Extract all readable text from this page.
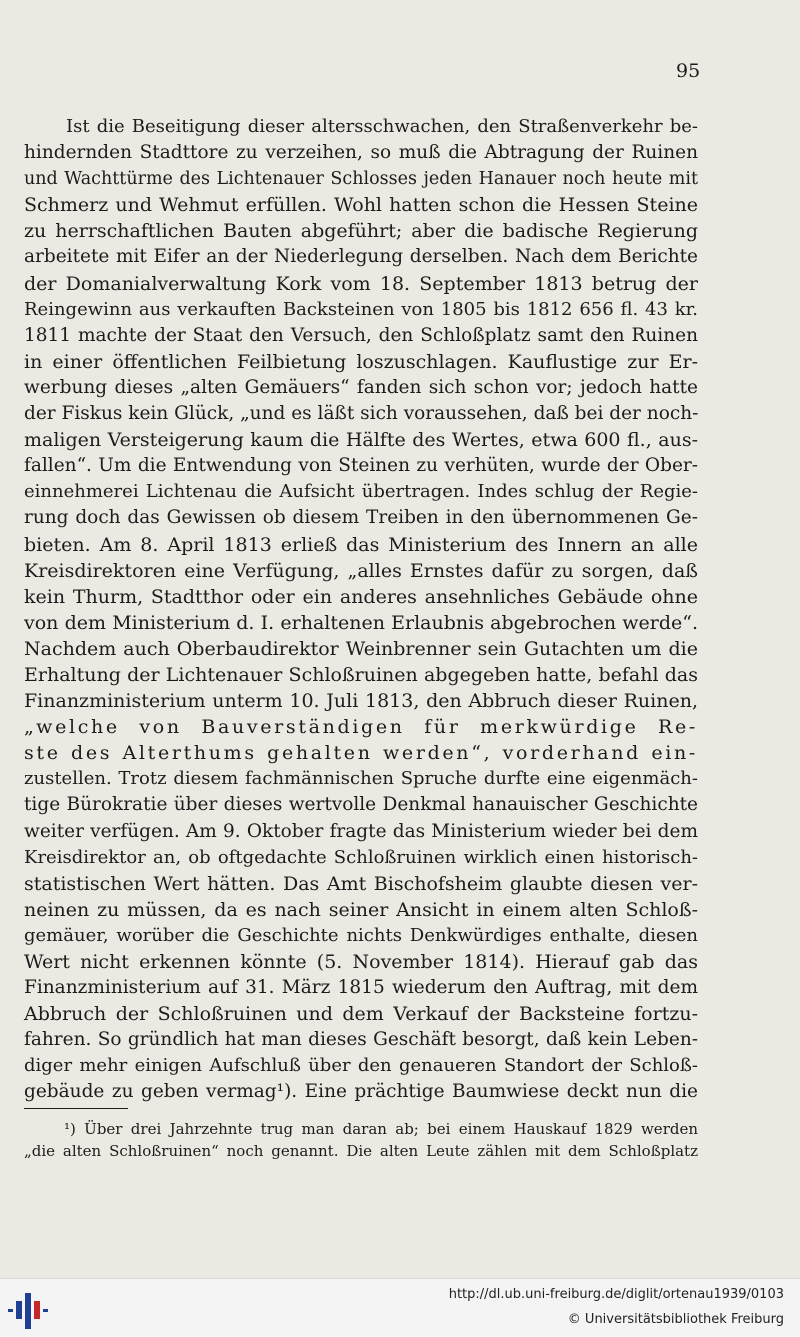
95
Ist die Beseitigung dieser altersschwachen, den Straßenverkehr be-
hindernden Stadttore zu verzeihen, so muß die Abtragung der Ruinen
und Wachttürme des Lichtenauer Schlosses jeden Hanauer noch heute mit
Schmerz und Wehmut erfüllen. Wohl hatten schon die Hessen Steine
zu herrschaftlichen Bauten abgeführt; aber die badische Regierung
arbeitete mit Eifer an der Niederlegung derselben. Nach dem Berichte
der Domanialverwaltung Kork vom 18. September 1813 betrug der
Reingewinn aus verkauften Backsteinen von 1805 bis 1812 656 fl. 43 kr.
1811 machte der Staat den Versuch, den Schloßplatz samt den Ruinen
in einer öffentlichen Feilbietung loszuschlagen. Kauflustige zur Er-
werbung dieses „alten Gemäuers“ fanden sich schon vor; jedoch hatte
der Fiskus kein Glück, „und es läßt sich voraussehen, daß bei der noch-
maligen Versteigerung kaum die Hälfte des Wertes, etwa 600 fl., aus-
fallen“. Um die Entwendung von Steinen zu verhüten, wurde der Ober-
einnehmerei Lichtenau die Aufsicht übertragen. Indes schlug der Regie-
rung doch das Gewissen ob diesem Treiben in den übernommenen Ge-
bieten. Am 8. April 1813 erließ das Ministerium des Innern an alle
Kreisdirektoren eine Verfügung, „alles Ernstes dafür zu sorgen, daß
kein Thurm, Stadtthor oder ein anderes ansehnliches Gebäude ohne
von dem Ministerium d. I. erhaltenen Erlaubnis abgebrochen werde“.
Nachdem auch Oberbaudirektor Weinbrenner sein Gutachten um die
Erhaltung der Lichtenauer Schloßruinen abgegeben hatte, befahl das
Finanzministerium unterm 10. Juli 1813, den Abbruch dieser Ruinen,
„welche von Bauverständigen für merkwürdige Re-
ste des Alterthums gehalten werden“, vorderhand ein-
zustellen. Trotz diesem fachmännischen Spruche durfte eine eigenmäch-
tige Bürokratie über dieses wertvolle Denkmal hanauischer Geschichte
weiter verfügen. Am 9. Oktober fragte das Ministerium wieder bei dem
Kreisdirektor an, ob oftgedachte Schloßruinen wirklich einen historisch-
statistischen Wert hätten. Das Amt Bischofsheim glaubte diesen ver-
neinen zu müssen, da es nach seiner Ansicht in einem alten Schloß-
gemäuer, worüber die Geschichte nichts Denkwürdiges enthalte, diesen
Wert nicht erkennen könnte (5. November 1814). Hierauf gab das
Finanzministerium auf 31. März 1815 wiederum den Auftrag, mit dem
Abbruch der Schloßruinen und dem Verkauf der Backsteine fortzu-
fahren. So gründlich hat man dieses Geschäft besorgt, daß kein Leben-
diger mehr einigen Aufschluß über den genaueren Standort der Schloß-
gebäude zu geben vermag¹). Eine prächtige Baumwiese deckt nun die
¹) Über drei Jahrzehnte trug man daran ab; bei einem Hauskauf 1829 werden
„die alten Schloßruinen“ noch genannt. Die alten Leute zählen mit dem Schloßplatz
http://dl.ub.uni-freiburg.de/diglit/ortenau1939/0103
© Universitätsbibliothek Freiburg
